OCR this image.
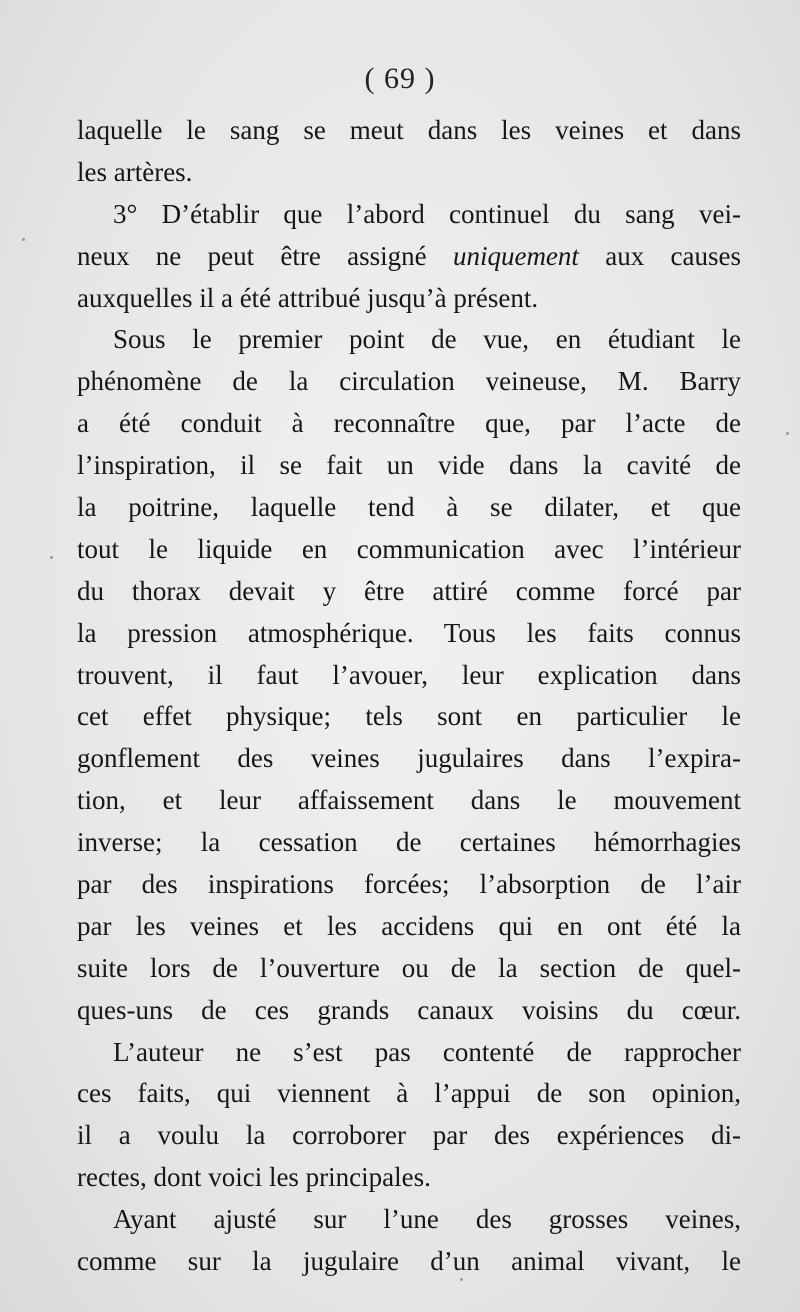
( 69 )
laquelle le sang se meut dans les veines et dans
les artères.
3° D’établir que l’abord continuel du sang vei-
neux ne peut être assigné uniquement aux causes
auxquelles il a été attribué jusqu’à présent.
Sous le premier point de vue, en étudiant le
phénomène de la circulation veineuse, M. Barry
a été conduit à reconnaître que, par l’acte de
l’inspiration, il se fait un vide dans la cavité de
la poitrine, laquelle tend à se dilater, et que
tout le liquide en communication avec l’intérieur
du thorax devait y être attiré comme forcé par
la pression atmosphérique. Tous les faits connus
trouvent, il faut l’avouer, leur explication dans
cet effet physique; tels sont en particulier le
gonflement des veines jugulaires dans l’expira-
tion, et leur affaissement dans le mouvement
inverse; la cessation de certaines hémorrhagies
par des inspirations forcées; l’absorption de l’air
par les veines et les accidens qui en ont été la
suite lors de l’ouverture ou de la section de quel-
ques-uns de ces grands canaux voisins du cœur.
L’auteur ne s’est pas contenté de rapprocher
ces faits, qui viennent à l’appui de son opinion,
il a voulu la corroborer par des expériences di-
rectes, dont voici les principales.
Ayant ajusté sur l’une des grosses veines,
comme sur la jugulaire d’un animal vivant, le
